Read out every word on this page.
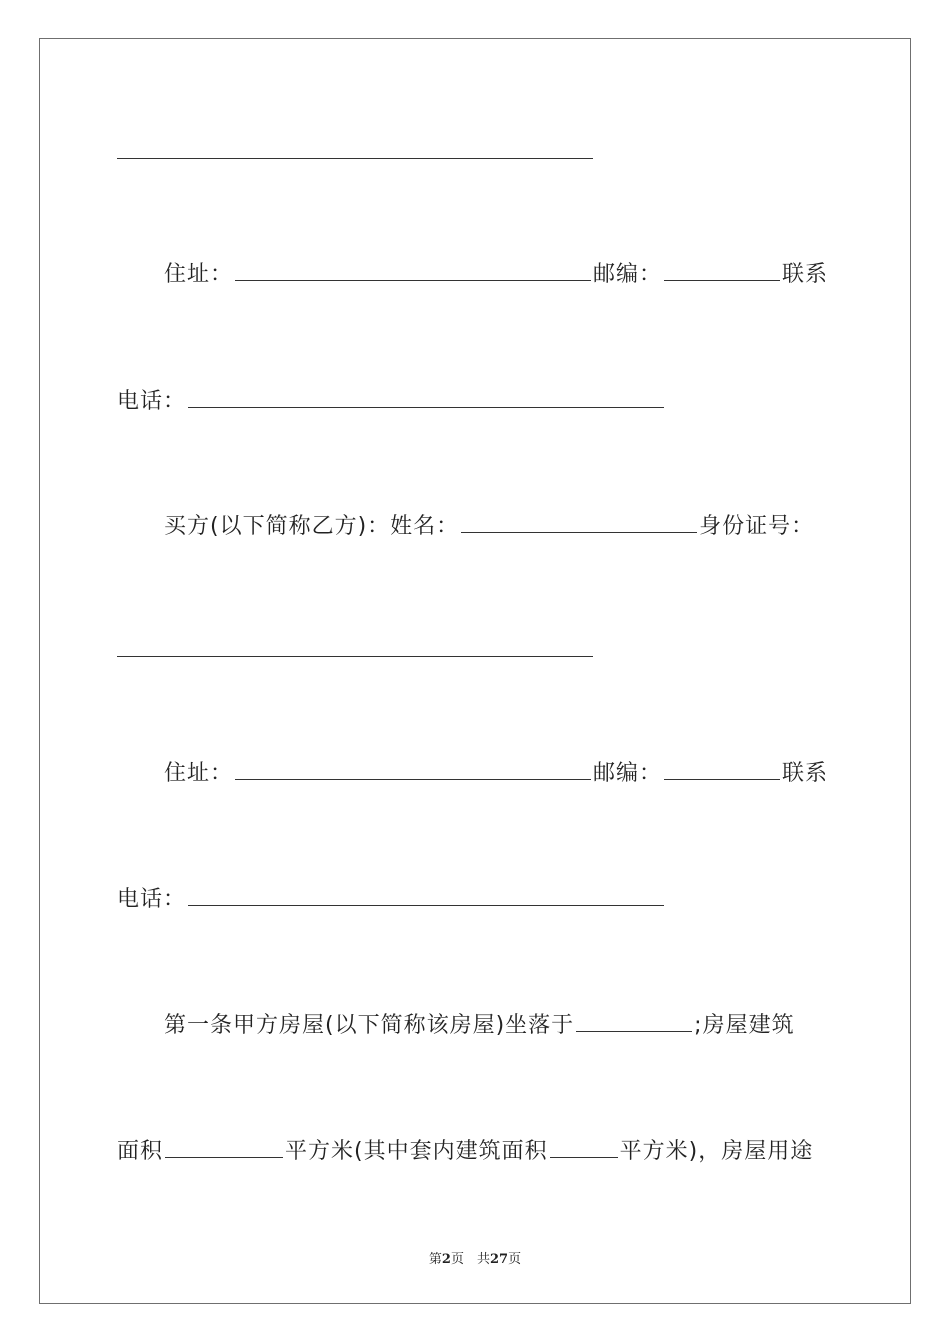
住址：	邮编：	联系
电话：
买方(以下简称乙方)：姓名：	身份证号：
住址：	邮编：	联系
电话：
第一条甲方房屋(以下简称该房屋)坐落于	;房屋建筑
面积	平方米(其中套内建筑面积	平方米)，房屋用途
第2页　共27页
